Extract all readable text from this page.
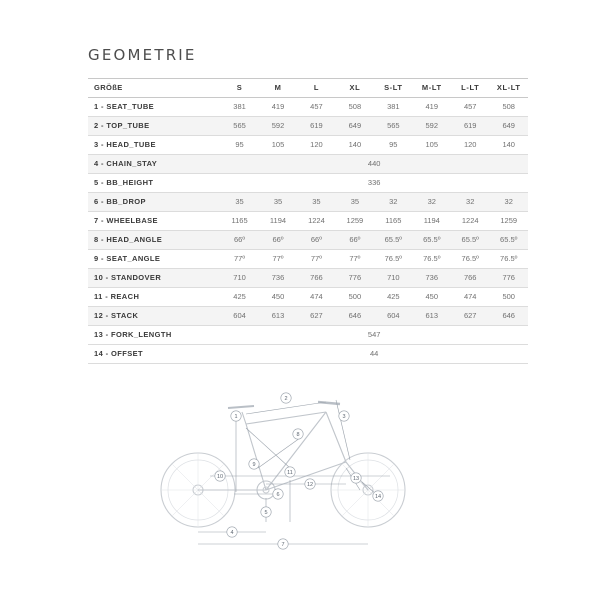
GEOMETRIE
GRÖßE	S	M	L	XL	S-LT	M-LT	L-LT	XL-LT
1 - SEAT_TUBE	381	419	457	508	381	419	457	508
2 - TOP_TUBE	565	592	619	649	565	592	619	649
3 - HEAD_TUBE	95	105	120	140	95	105	120	140
4 - CHAIN_STAY	440							
5 - BB_HEIGHT	336							
6 - BB_DROP	35	35	35	35	32	32	32	32
7 - WHEELBASE	1165	1194	1224	1259	1165	1194	1224	1259
8 - HEAD_ANGLE	66º	66º	66º	66º	65.5º	65.5º	65.5º	65.5º
9 - SEAT_ANGLE	77º	77º	77º	77º	76.5º	76.5º	76.5º	76.5º
10 - STANDOVER	710	736	766	776	710	736	766	776
11 - REACH	425	450	474	500	425	450	474	500
12 - STACK	604	613	627	646	604	613	627	646
13 - FORK_LENGTH	547							
14 - OFFSET	44							
1
2
3
4
5
6
7
8
9
10
11
12
13
14
